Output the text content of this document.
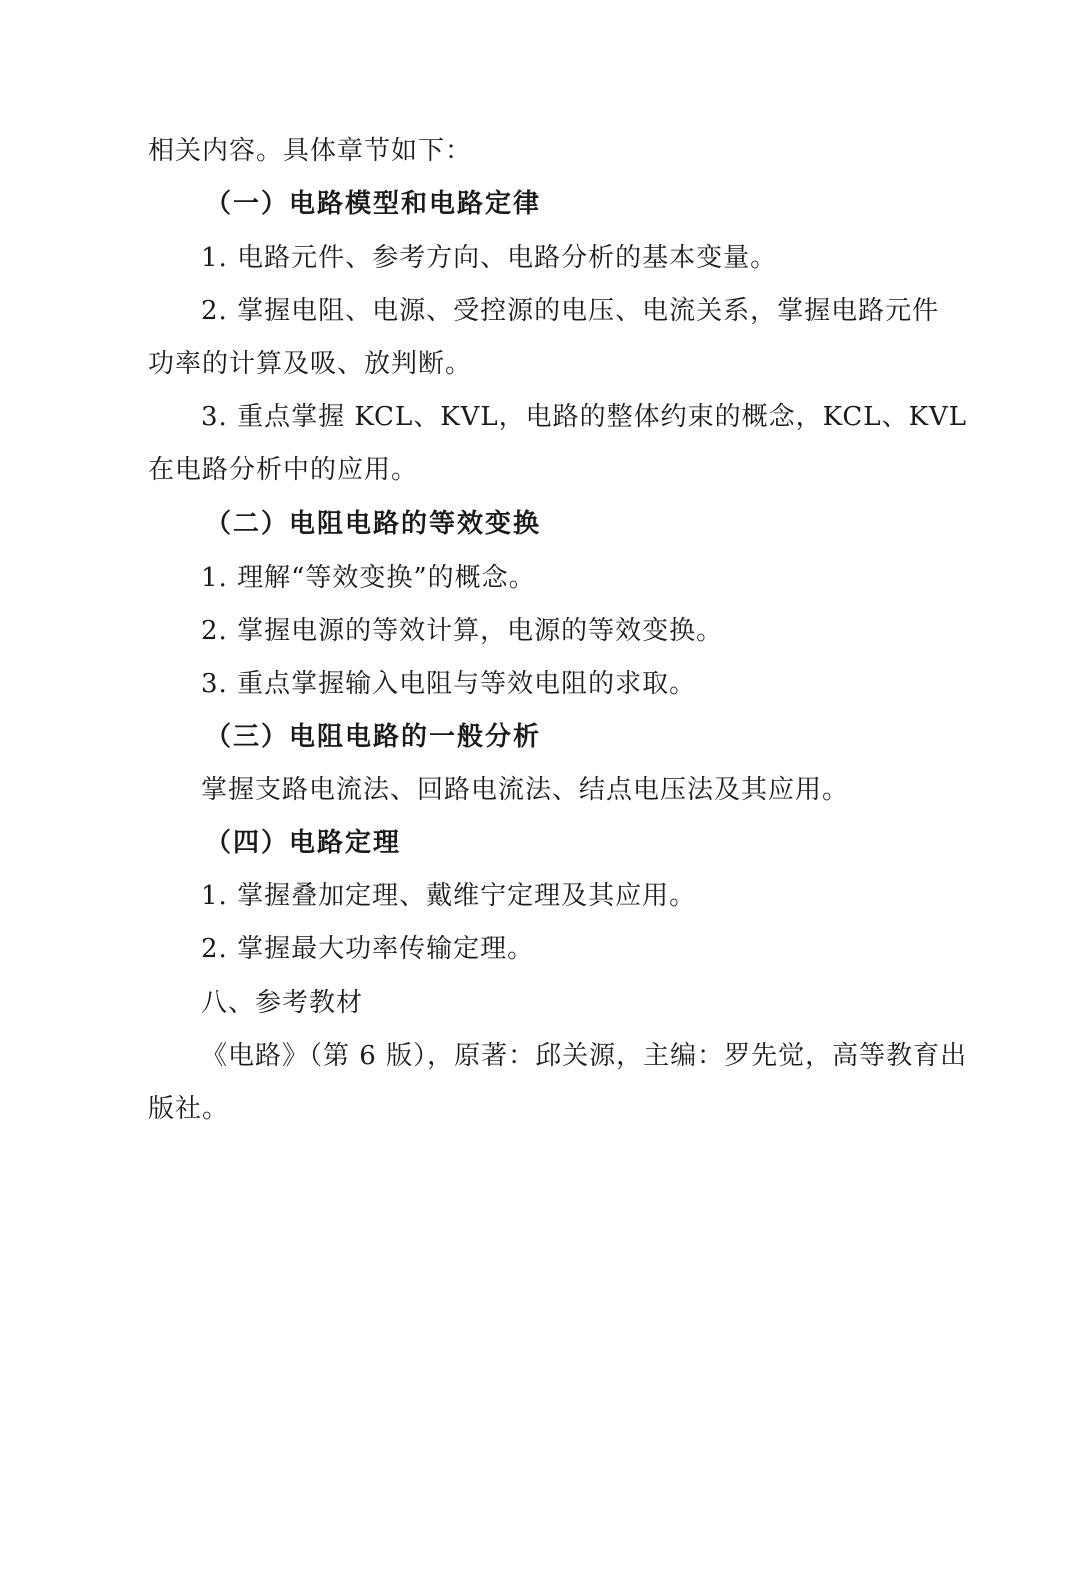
相关内容。具体章节如下：
（一）电路模型和电路定律
1. 电路元件、参考方向、电路分析的基本变量。
2. 掌握电阻、电源、受控源的电压、电流关系，掌握电路元件
功率的计算及吸、放判断。
3. 重点掌握 KCL、KVL，电路的整体约束的概念，KCL、KVL
在电路分析中的应用。
（二）电阻电路的等效变换
1. 理解“等效变换”的概念。
2. 掌握电源的等效计算，电源的等效变换。
3. 重点掌握输入电阻与等效电阻的求取。
（三）电阻电路的一般分析
掌握支路电流法、回路电流法、结点电压法及其应用。
（四）电路定理
1. 掌握叠加定理、戴维宁定理及其应用。
2. 掌握最大功率传输定理。
八、参考教材
《电路》（第 6 版），原著：邱关源，主编：罗先觉，高等教育出
版社。
